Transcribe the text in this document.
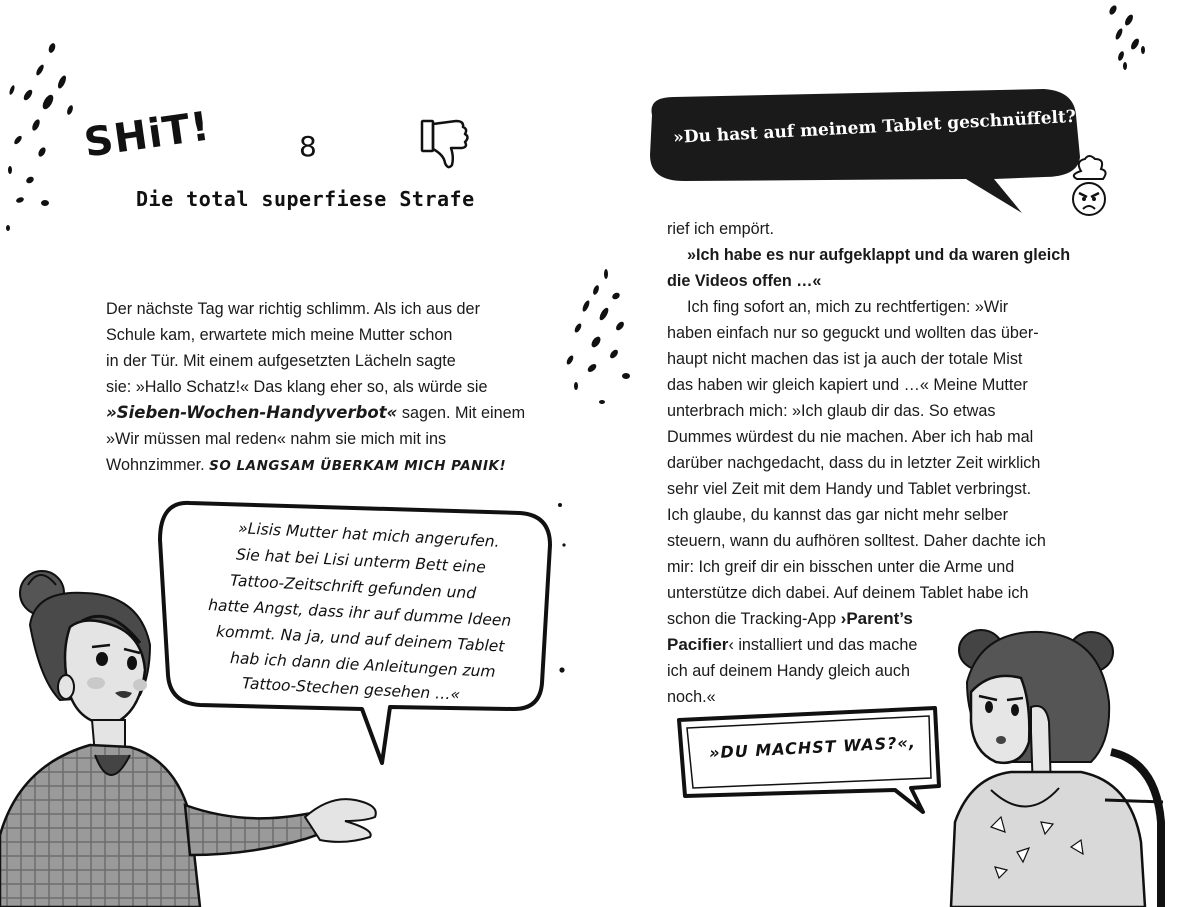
SHiT!	8
Die total superfiese Strafe
Der nächste Tag war richtig schlimm. Als ich aus der
Schule kam, erwartete mich meine Mutter schon
in der Tür. Mit einem aufgesetzten Lächeln sagte
sie: »Hallo Schatz!« Das klang eher so, als würde sie
»Sieben-Wochen-Handyverbot« sagen. Mit einem
»Wir müssen mal reden« nahm sie mich mit ins
Wohnzimmer. SO LANGSAM ÜBERKAM MICH PANIK!
»Lisis Mutter hat mich angerufen.
Sie hat bei Lisi unterm Bett eine
Tattoo-Zeitschrift gefunden und
hatte Angst, dass ihr auf dumme Ideen
kommt. Na ja, und auf deinem Tablet
hab ich dann die Anleitungen zum
Tattoo-Stechen gesehen …«
»Du hast auf meinem Tablet geschnüffelt?«,
rief ich empört.
»Ich habe es nur aufgeklappt und da waren gleich
die Videos offen …«
Ich fing sofort an, mich zu rechtfertigen: »Wir
haben einfach nur so geguckt und wollten das über-
haupt nicht machen das ist ja auch der totale Mist
das haben wir gleich kapiert und …« Meine Mutter
unterbrach mich: »Ich glaub dir das. So etwas
Dummes würdest du nie machen. Aber ich hab mal
darüber nachgedacht, dass du in letzter Zeit wirklich
sehr viel Zeit mit dem Handy und Tablet verbringst.
Ich glaube, du kannst das gar nicht mehr selber
steuern, wann du aufhören solltest. Daher dachte ich
mir: Ich greif dir ein bisschen unter die Arme und
unterstütze dich dabei. Auf deinem Tablet habe ich
schon die Tracking-App ›Parent’s
Pacifier‹ installiert und das mache
ich auf deinem Handy gleich auch
noch.«
»DU MACHST WAS?«,
